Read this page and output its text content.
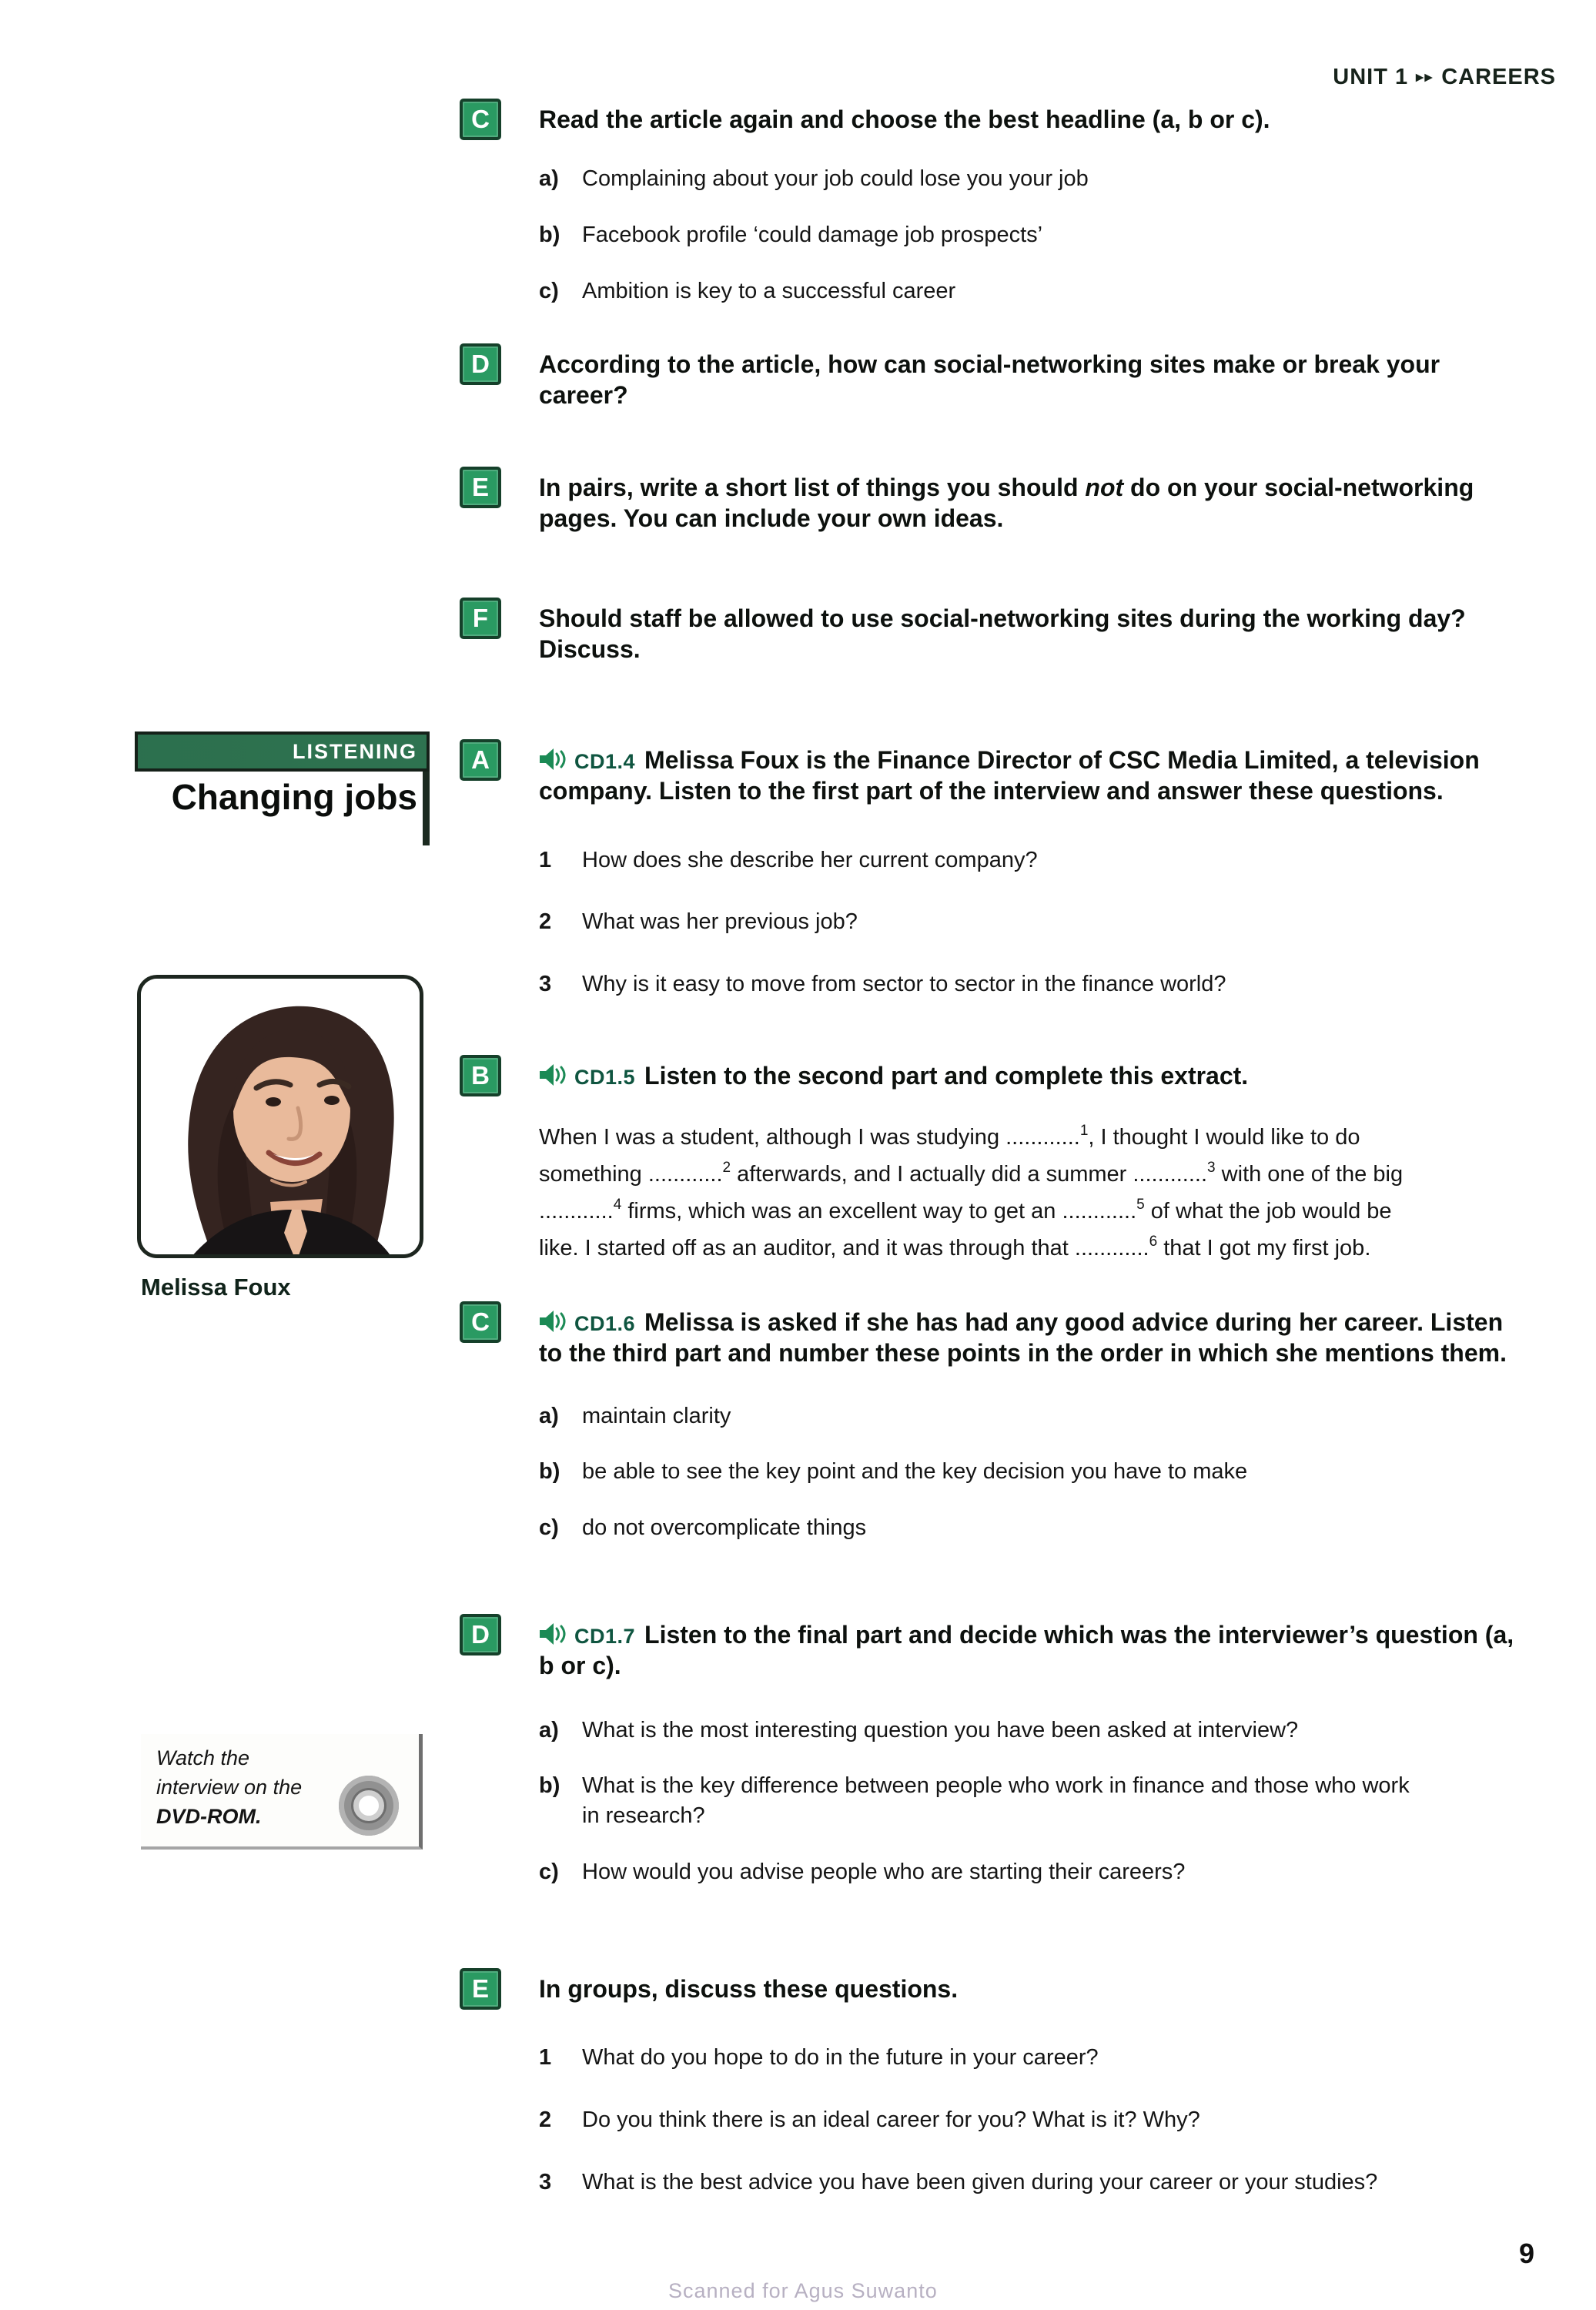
UNIT 1 ▸▸ CAREERS
C	Read the article again and choose the best headline (a, b or c).
a)	Complaining about your job could lose you your job
b) Facebook profile ‘could damage job prospects’
c)	Ambition is key to a successful career
D	According to the article, how can social-networking sites make or break your career?
E	In pairs, write a short list of things you should not do on your social-networking pages. You can include your own ideas.
F	Should staff be allowed to use social-networking sites during the working day? Discuss.
LISTENING
Changing jobs
Melissa Foux
A	CD1.4 Melissa Foux is the Finance Director of CSC Media Limited, a television company. Listen to the first part of the interview and answer these questions.
1	How does she describe her current company?
2	What was her previous job?
3	Why is it easy to move from sector to sector in the finance world?
B	CD1.5 Listen to the second part and complete this extract.
When I was a student, although I was studying ............$^1$, I thought I would like to do
something ............$^2$ afterwards, and I actually did a summer ............$^3$ with one of the big
............$^4$ firms, which was an excellent way to get an ............$^5$ of what the job would be
like. I started off as an auditor, and it was through that ............$^6$ that I got my first job.
C	CD1.6 Melissa is asked if she has had any good advice during her career. Listen to the third part and number these points in the order in which she mentions them.
a)	maintain clarity
b) be able to see the key point and the key decision you have to make
c)	do not overcomplicate things
D	CD1.7 Listen to the final part and decide which was the interviewer’s question (a, b or c).
a)	What is the most interesting question you have been asked at interview?
b) What is the key difference between people who work in finance and those who work in research?
c)	How would you advise people who are starting their careers?
Watch the interview on the DVD-ROM.
E	In groups, discuss these questions.
1	What do you hope to do in the future in your career?
2	Do you think there is an ideal career for you? What is it? Why?
3	What is the best advice you have been given during your career or your studies?
9
Scanned for Agus Suwanto
